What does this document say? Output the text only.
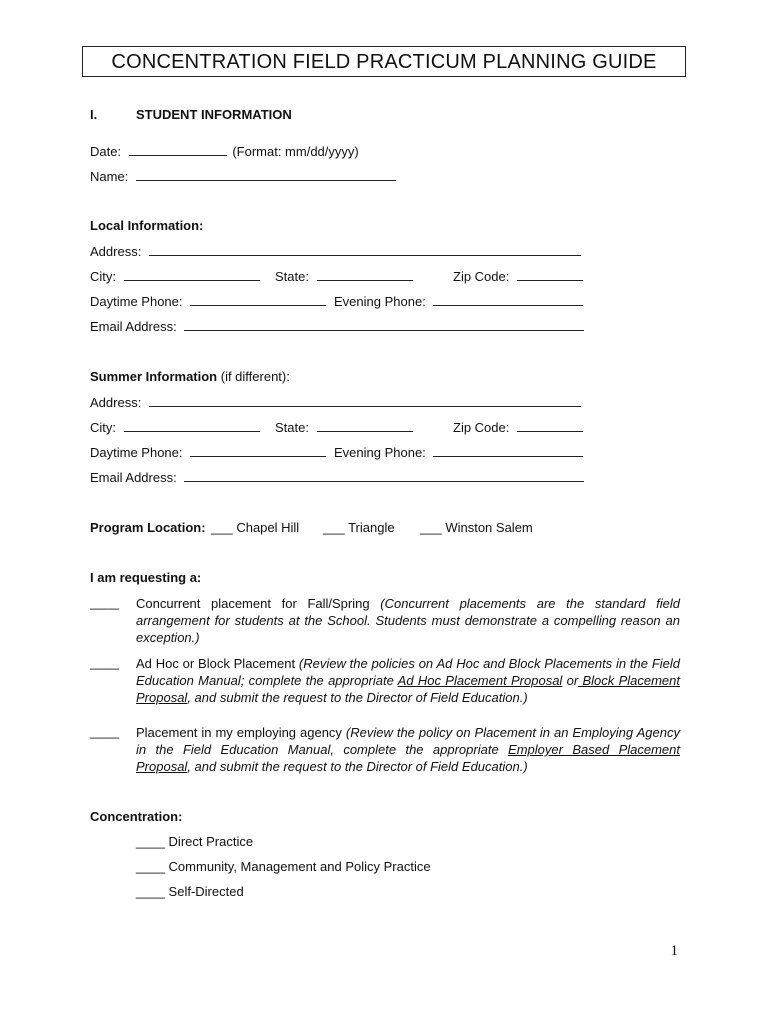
CONCENTRATION FIELD PRACTICUM PLANNING GUIDE
I.	STUDENT INFORMATION
Date:	(Format: mm/dd/yyyy)
Name:
Local Information:
Address:
City:	State:	Zip Code:
Daytime Phone:	Evening Phone:
Email Address:
Summer Information (if different):
Address:
City:	State:	Zip Code:
Daytime Phone:	Evening Phone:
Email Address:
Program Location: ___ Chapel Hill ___ Triangle ___ Winston Salem
I am requesting a:
____ Concurrent placement for Fall/Spring (Concurrent placements are the standard field arrangement for students at the School. Students must demonstrate a compelling reason an exception.)
____ Ad Hoc or Block Placement (Review the policies on Ad Hoc and Block Placements in the Field Education Manual; complete the appropriate Ad Hoc Placement Proposal or Block Placement Proposal, and submit the request to the Director of Field Education.)
____ Placement in my employing agency (Review the policy on Placement in an Employing Agency in the Field Education Manual, complete the appropriate Employer Based Placement Proposal, and submit the request to the Director of Field Education.)
Concentration:
____ Direct Practice
____ Community, Management and Policy Practice
____ Self-Directed
1
